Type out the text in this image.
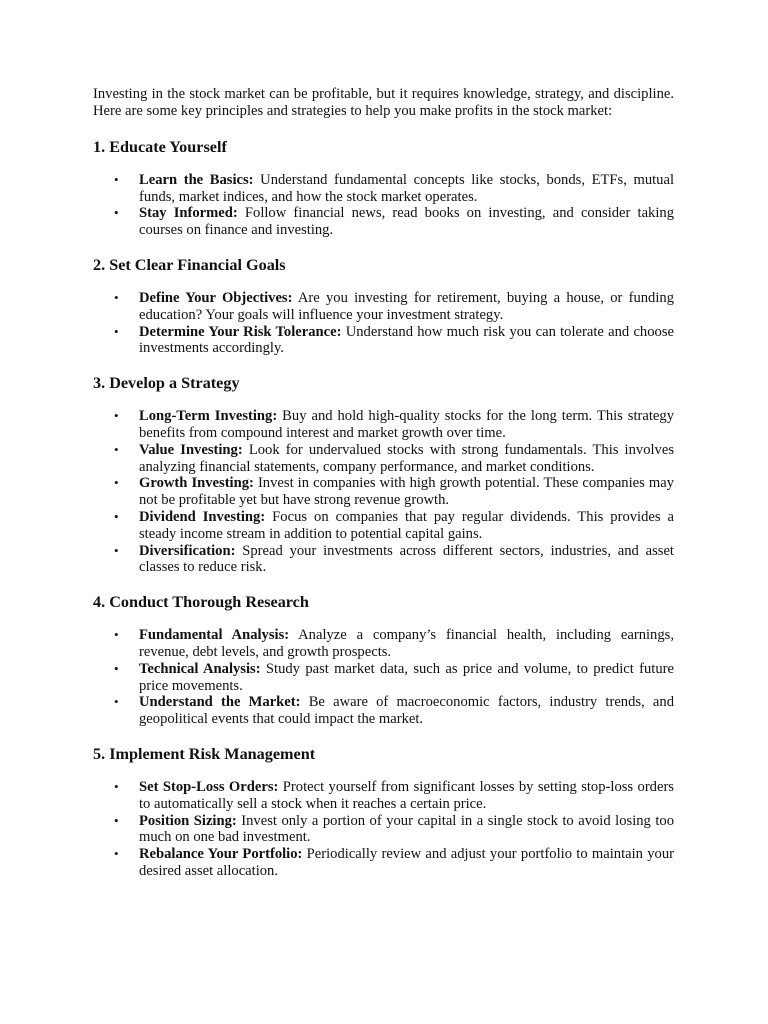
Investing in the stock market can be profitable, but it requires knowledge, strategy, and discipline. Here are some key principles and strategies to help you make profits in the stock market:

1. Educate Yourself
• Learn the Basics: Understand fundamental concepts like stocks, bonds, ETFs, mutual funds, market indices, and how the stock market operates.
• Stay Informed: Follow financial news, read books on investing, and consider taking courses on finance and investing.
2. Set Clear Financial Goals
• Define Your Objectives: Are you investing for retirement, buying a house, or funding education? Your goals will influence your investment strategy.
• Determine Your Risk Tolerance: Understand how much risk you can tolerate and choose investments accordingly.
3. Develop a Strategy
• Long-Term Investing: Buy and hold high-quality stocks for the long term. This strategy benefits from compound interest and market growth over time.
• Value Investing: Look for undervalued stocks with strong fundamentals. This involves analyzing financial statements, company performance, and market conditions.
• Growth Investing: Invest in companies with high growth potential. These companies may not be profitable yet but have strong revenue growth.
• Dividend Investing: Focus on companies that pay regular dividends. This provides a steady income stream in addition to potential capital gains.
• Diversification: Spread your investments across different sectors, industries, and asset classes to reduce risk.
4. Conduct Thorough Research
• Fundamental Analysis: Analyze a company’s financial health, including earnings, revenue, debt levels, and growth prospects.
• Technical Analysis: Study past market data, such as price and volume, to predict future price movements.
• Understand the Market: Be aware of macroeconomic factors, industry trends, and geopolitical events that could impact the market.
5. Implement Risk Management
• Set Stop-Loss Orders: Protect yourself from significant losses by setting stop-loss orders to automatically sell a stock when it reaches a certain price.
• Position Sizing: Invest only a portion of your capital in a single stock to avoid losing too much on one bad investment.
• Rebalance Your Portfolio: Periodically review and adjust your portfolio to maintain your desired asset allocation.
